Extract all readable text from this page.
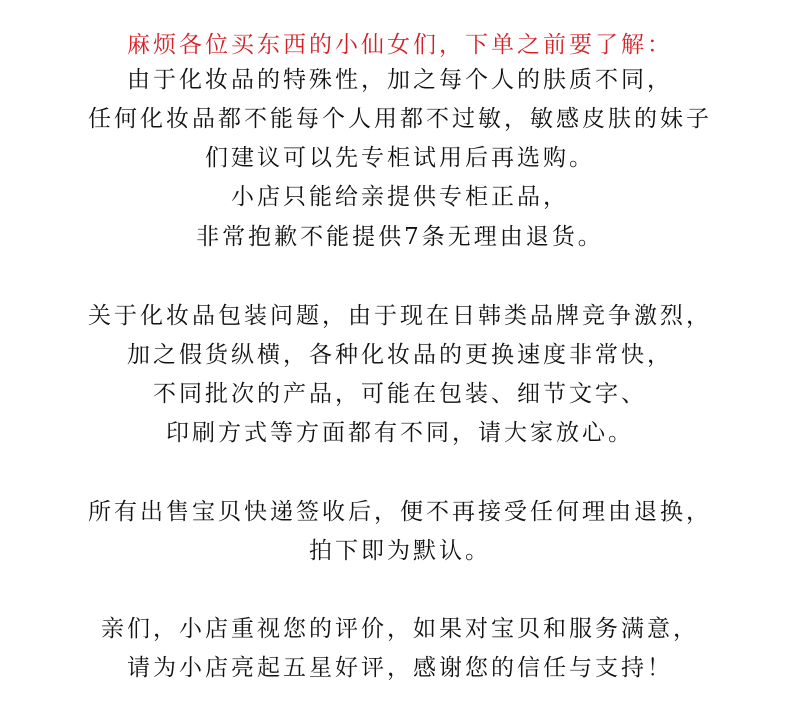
麻烦各位买东西的小仙女们，下单之前要了解：
由于化妆品的特殊性，加之每个人的肤质不同，
任何化妆品都不能每个人用都不过敏，敏感皮肤的妹子
们建议可以先专柜试用后再选购。
小店只能给亲提供专柜正品，
非常抱歉不能提供7条无理由退货。
关于化妆品包装问题，由于现在日韩类品牌竞争激烈，
加之假货纵横，各种化妆品的更换速度非常快，
不同批次的产品，可能在包装、细节文字、
印刷方式等方面都有不同，请大家放心。
所有出售宝贝快递签收后，便不再接受任何理由退换，
拍下即为默认。
亲们，小店重视您的评价，如果对宝贝和服务满意，
请为小店亮起五星好评，感谢您的信任与支持！
